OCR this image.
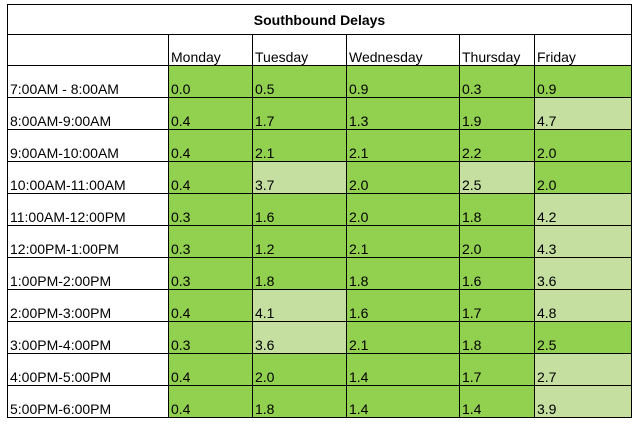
Southbound Delays					
	Monday	Tuesday	Wednesday	Thursday	Friday
7:00AM - 8:00AM	0.0	0.5	0.9	0.3	0.9
8:00AM-9:00AM	0.4	1.7	1.3	1.9	4.7
9:00AM-10:00AM	0.4	2.1	2.1	2.2	2.0
10:00AM-11:00AM	0.4	3.7	2.0	2.5	2.0
11:00AM-12:00PM	0.3	1.6	2.0	1.8	4.2
12:00PM-1:00PM	0.3	1.2	2.1	2.0	4.3
1:00PM-2:00PM	0.3	1.8	1.8	1.6	3.6
2:00PM-3:00PM	0.4	4.1	1.6	1.7	4.8
3:00PM-4:00PM	0.3	3.6	2.1	1.8	2.5
4:00PM-5:00PM	0.4	2.0	1.4	1.7	2.7
5:00PM-6:00PM	0.4	1.8	1.4	1.4	3.9
